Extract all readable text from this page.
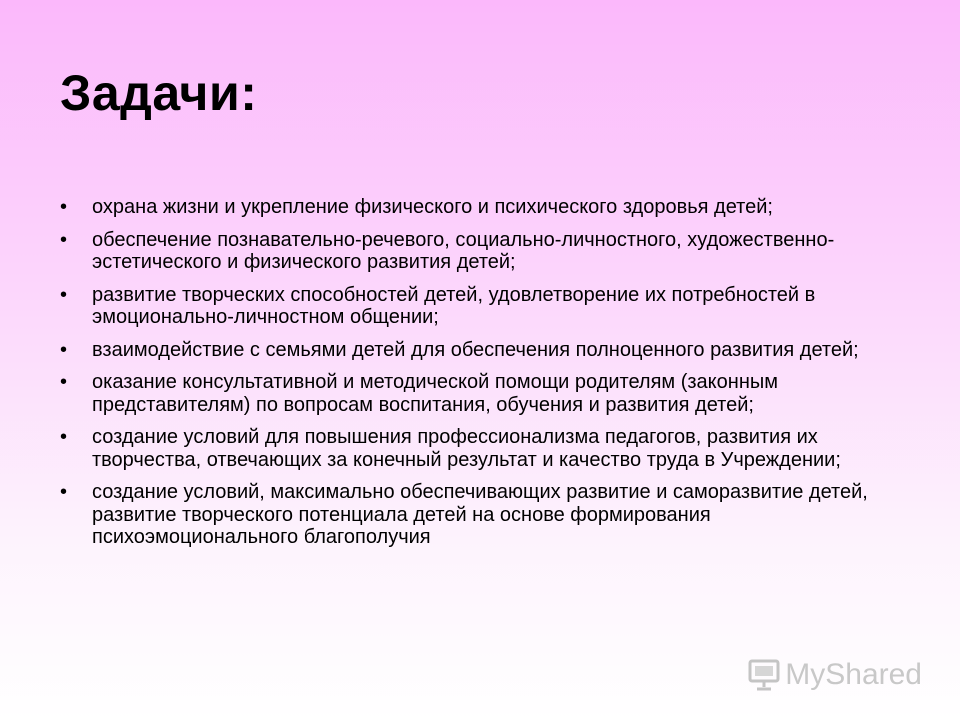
Задачи:
• охрана жизни и укрепление физического и психического здоровья детей;
• обеспечение познавательно-речевого, социально-личностного, художественно-эстетического и физического развития детей;
• развитие творческих способностей детей, удовлетворение их потребностей в эмоционально-личностном общении;
• взаимодействие с семьями детей для обеспечения полноценного развития детей;
• оказание консультативной и методической помощи родителям (законным представителям) по вопросам воспитания, обучения и развития детей;
• создание условий для повышения профессионализма педагогов, развития их творчества, отвечающих за конечный результат и качество труда в Учреждении;
• создание условий, максимально обеспечивающих развитие и саморазвитие детей, развитие творческого потенциала детей на основе формирования психоэмоционального благополучия
MyShared
